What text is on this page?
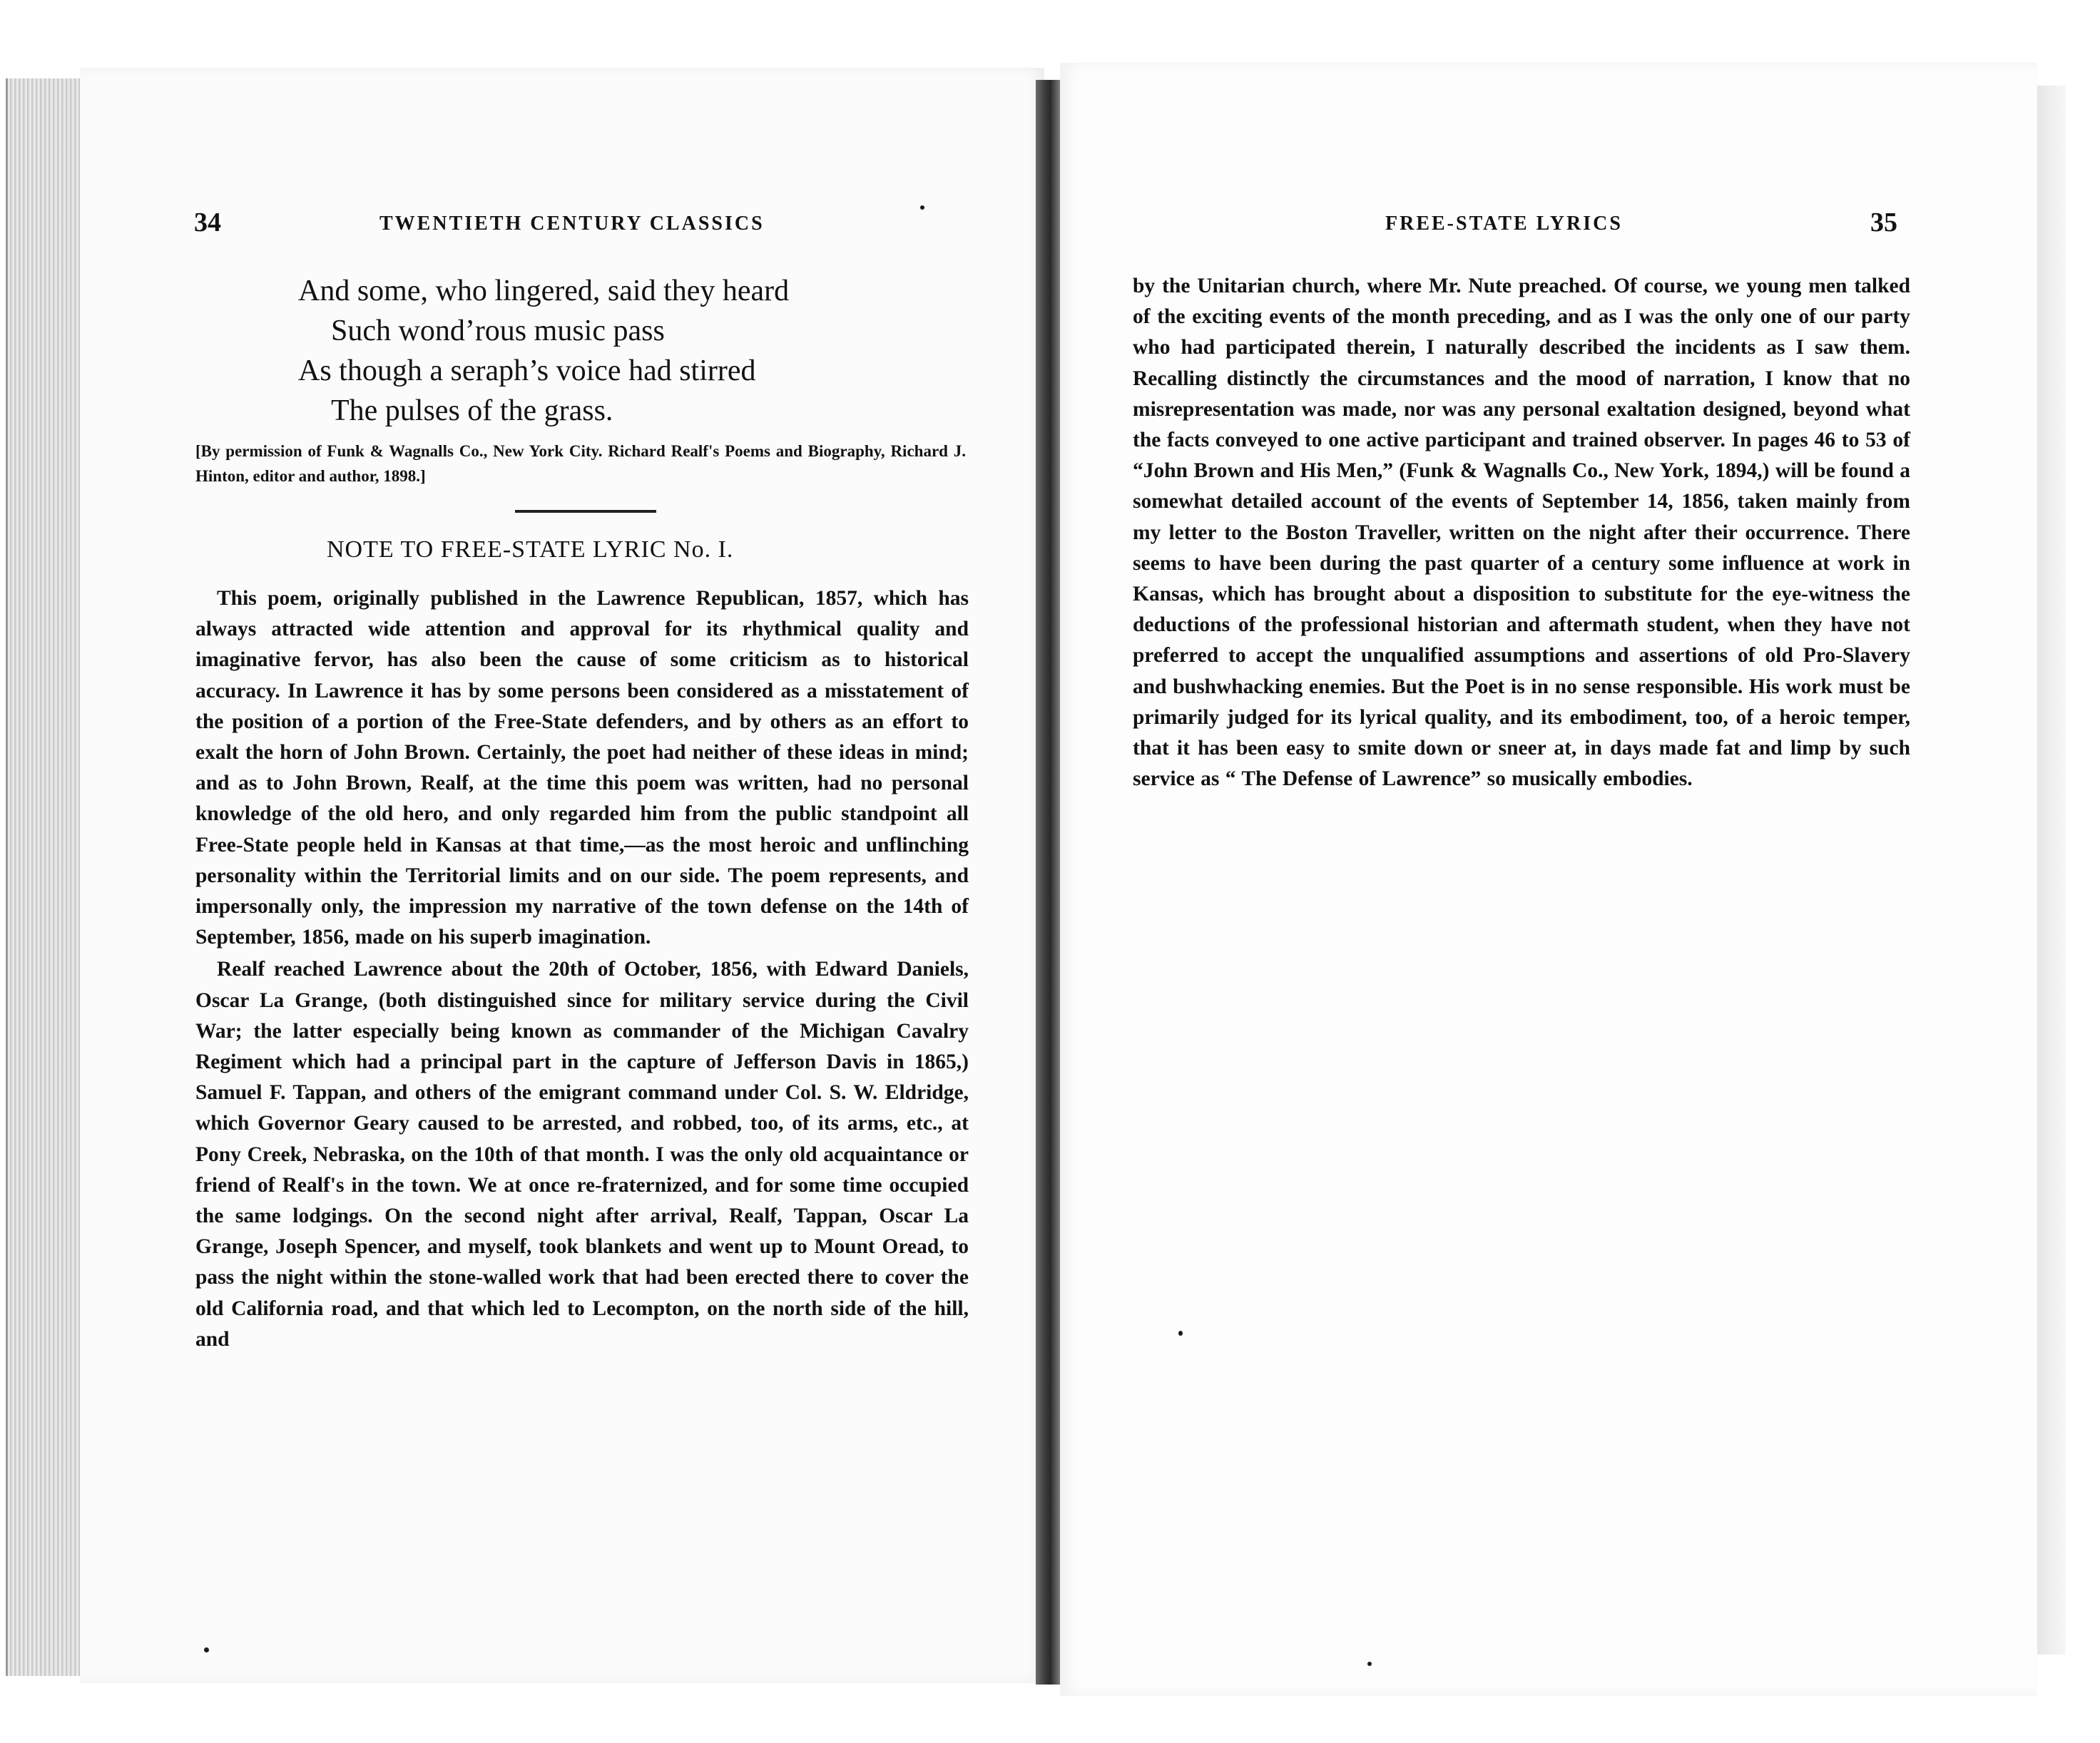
34	TWENTIETH CENTURY CLASSICS
And some, who lingered, said they heard
Such wond’rous music pass
As though a seraph’s voice had stirred
The pulses of the grass.
[By permission of Funk & Wagnalls Co., New York City. Richard Realf's Poems and Biography, Richard J. Hinton, editor and author, 1898.]
NOTE TO FREE-STATE LYRIC No. I.

This poem, originally published in the Lawrence Republican, 1857, which has always attracted wide attention and approval for its rhythmical quality and imaginative fervor, has also been the cause of some criticism as to historical accuracy. In Lawrence it has by some persons been considered as a misstatement of the position of a portion of the Free-State defenders, and by others as an effort to exalt the horn of John Brown. Certainly, the poet had neither of these ideas in mind; and as to John Brown, Realf, at the time this poem was written, had no personal knowledge of the old hero, and only regarded him from the public standpoint all Free-State people held in Kansas at that time,—as the most heroic and unflinching personality within the Territorial limits and on our side. The poem represents, and impersonally only, the impression my narrative of the town defense on the 14th of September, 1856, made on his superb imagination.

Realf reached Lawrence about the 20th of October, 1856, with Edward Daniels, Oscar La Grange, (both distinguished since for military service during the Civil War; the latter especially being known as commander of the Michigan Cavalry Regiment which had a principal part in the capture of Jefferson Davis in 1865,) Samuel F. Tappan, and others of the emigrant command under Col. S. W. Eldridge, which Governor Geary caused to be arrested, and robbed, too, of its arms, etc., at Pony Creek, Nebraska, on the 10th of that month. I was the only old acquaintance or friend of Realf's in the town. We at once re-fraternized, and for some time occupied the same lodgings. On the second night after arrival, Realf, Tappan, Oscar La Grange, Joseph Spencer, and myself, took blankets and went up to Mount Oread, to pass the night within the stone-walled work that had been erected there to cover the old California road, and that which led to Lecompton, on the north side of the hill, and

FREE-STATE LYRICS	35

by the Unitarian church, where Mr. Nute preached. Of course, we young men talked of the exciting events of the month preceding, and as I was the only one of our party who had participated therein, I naturally described the incidents as I saw them. Recalling distinctly the circumstances and the mood of narration, I know that no misrepresentation was made, nor was any personal exaltation designed, beyond what the facts conveyed to one active participant and trained observer. In pages 46 to 53 of “John Brown and His Men,” (Funk & Wagnalls Co., New York, 1894,) will be found a somewhat detailed account of the events of September 14, 1856, taken mainly from my letter to the Boston Traveller, written on the night after their occurrence. There seems to have been during the past quarter of a century some influence at work in Kansas, which has brought about a disposition to substitute for the eye-witness the deductions of the professional historian and aftermath student, when they have not preferred to accept the unqualified assumptions and assertions of old Pro-Slavery and bushwhacking enemies. But the Poet is in no sense responsible. His work must be primarily judged for its lyrical quality, and its embodiment, too, of a heroic temper, that it has been easy to smite down or sneer at, in days made fat and limp by such service as “ The Defense of Lawrence” so musically embodies.
